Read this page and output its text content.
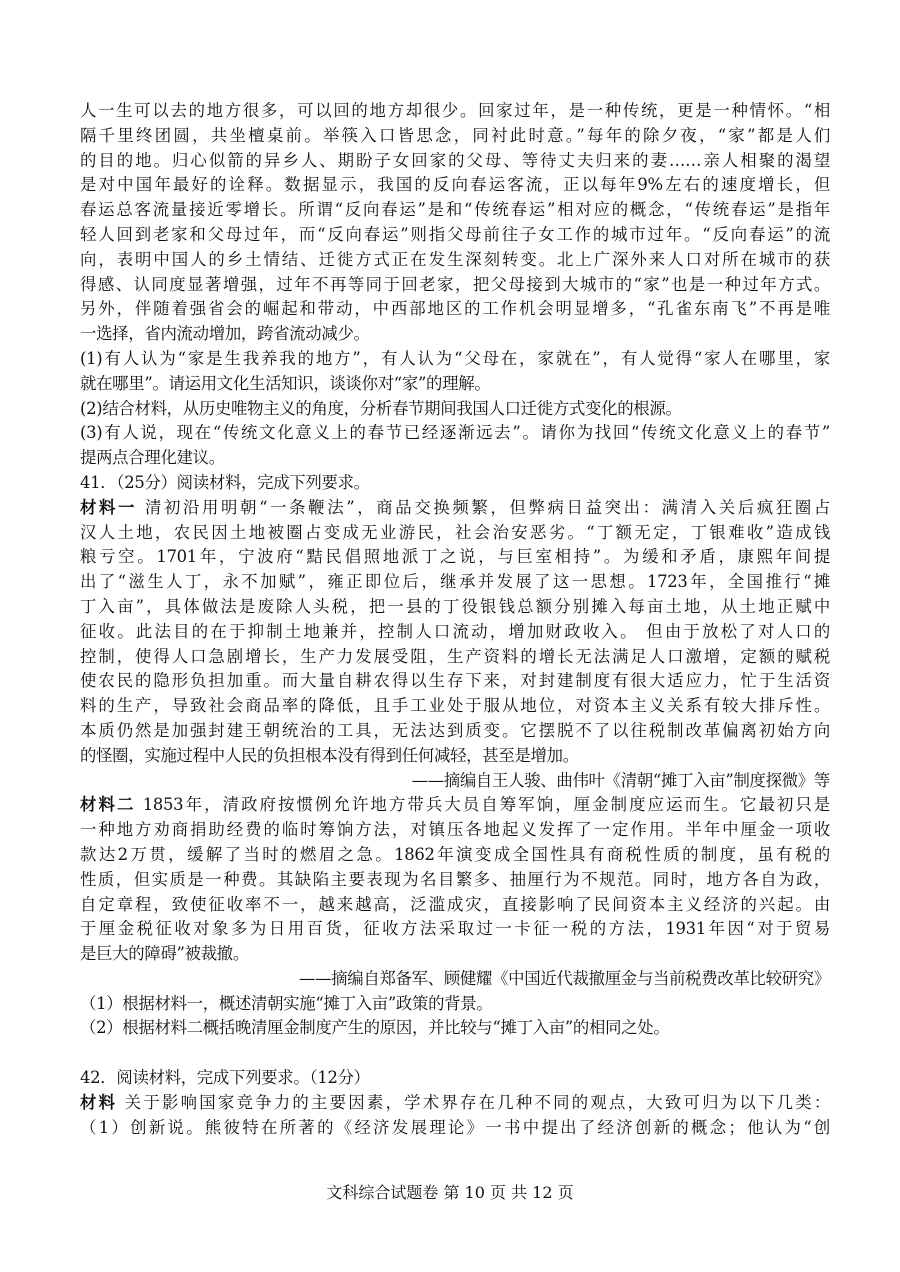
人一生可以去的地方很多，可以回的地方却很少。回家过年，是一种传统，更是一种情怀。“相
隔千里终团圆，共坐檀桌前。举筷入口皆思念，同衬此时意。”每年的除夕夜，“家”都是人们
的目的地。归心似箭的异乡人、期盼子女回家的父母、等待丈夫归来的妻……亲人相聚的渴望
是对中国年最好的诠释。数据显示，我国的反向春运客流，正以每年9%左右的速度增长，但
春运总客流量接近零增长。所谓“反向春运”是和“传统春运”相对应的概念，“传统春运”是指年
轻人回到老家和父母过年，而“反向春运”则指父母前往子女工作的城市过年。“反向春运”的流
向，表明中国人的乡土情结、迁徙方式正在发生深刻转变。北上广深外来人口对所在城市的获
得感、认同度显著增强，过年不再等同于回老家，把父母接到大城市的“家”也是一种过年方式。
另外，伴随着强省会的崛起和带动，中西部地区的工作机会明显增多，“孔雀东南飞”不再是唯
一选择，省内流动增加，跨省流动减少。
(1)有人认为“家是生我养我的地方”，有人认为“父母在，家就在”，有人觉得“家人在哪里，家
就在哪里”。请运用文化生活知识，谈谈你对“家”的理解。
(2)结合材料，从历史唯物主义的角度，分析春节期间我国人口迁徙方式变化的根源。
(3)有人说，现在“传统文化意义上的春节已经逐渐远去”。请你为找回“传统文化意义上的春节”
提两点合理化建议。
41．（25分）阅读材料，完成下列要求。
材料一 清初沿用明朝“一条鞭法”，商品交换频繁，但弊病日益突出：满清入关后疯狂圈占
汉人土地，农民因土地被圈占变成无业游民，社会治安恶劣。“丁额无定，丁银难收”造成钱
粮亏空。1701年，宁波府“黠民倡照地派丁之说，与巨室相持”。为缓和矛盾，康熙年间提
出了“滋生人丁，永不加赋”，雍正即位后，继承并发展了这一思想。1723年，全国推行“摊
丁入亩”，具体做法是废除人头税，把一县的丁役银钱总额分别摊入每亩土地，从土地正赋中
征收。此法目的在于抑制土地兼并，控制人口流动，增加财政收入。 但由于放松了对人口的
控制，使得人口急剧增长，生产力发展受阻，生产资料的增长无法满足人口激增，定额的赋税
使农民的隐形负担加重。而大量自耕农得以生存下来，对封建制度有很大适应力，忙于生活资
料的生产，导致社会商品率的降低，且手工业处于服从地位，对资本主义关系有较大排斥性。
本质仍然是加强封建王朝统治的工具，无法达到质变。它摆脱不了以往税制改革偏离初始方向
的怪圈，实施过程中人民的负担根本没有得到任何减轻，甚至是增加。
——摘编自王人骏、曲伟叶《清朝“摊丁入亩”制度探微》等
材料二 1853年，清政府按惯例允许地方带兵大员自筹军饷，厘金制度应运而生。它最初只是
一种地方劝商捐助经费的临时筹饷方法，对镇压各地起义发挥了一定作用。半年中厘金一项收
款达2万贯，缓解了当时的燃眉之急。1862年演变成全国性具有商税性质的制度，虽有税的
性质，但实质是一种费。其缺陷主要表现为名目繁多、抽厘行为不规范。同时，地方各自为政，
自定章程，致使征收率不一，越来越高，泛滥成灾，直接影响了民间资本主义经济的兴起。由
于厘金税征收对象多为日用百货，征收方法采取过一卡征一税的方法，1931年因“对于贸易
是巨大的障碍”被裁撤。
——摘编自郑备军、顾健耀《中国近代裁撤厘金与当前税费改革比较研究》
（1）根据材料一，概述清朝实施“摊丁入亩”政策的背景。
（2）根据材料二概括晚清厘金制度产生的原因，并比较与“摊丁入亩”的相同之处。
42．阅读材料，完成下列要求。（12分）
材料 关于影响国家竞争力的主要因素，学术界存在几种不同的观点，大致可归为以下几类：
（1）创新说。熊彼特在所著的《经济发展理论》一书中提出了经济创新的概念；他认为“创
文科综合试题卷 第 10 页 共 12 页
